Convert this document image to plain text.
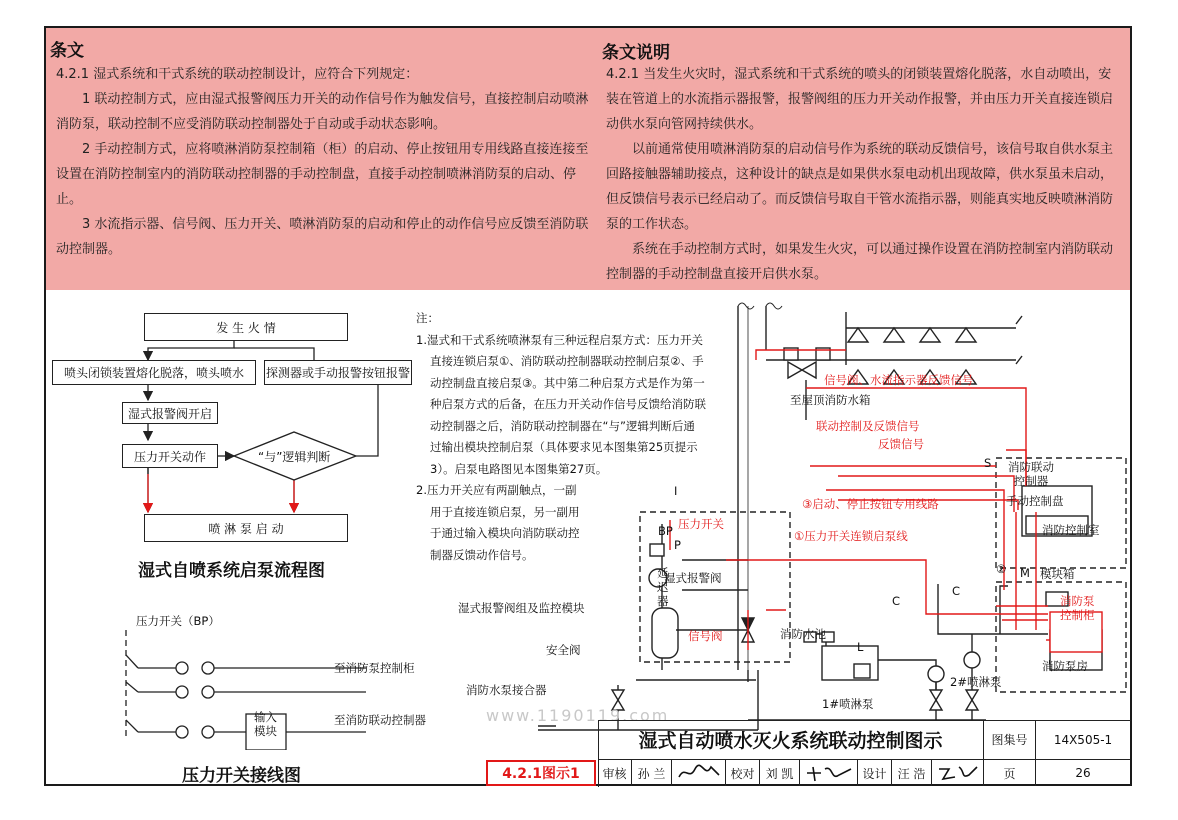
条文

4.2.1 湿式系统和干式系统的联动控制设计，应符合下列规定：

1 联动控制方式，应由湿式报警阀压力开关的动作信号作为触发信号，直接控制启动喷淋消防泵，联动控制不应受消防联动控制器处于自动或手动状态影响。

2 手动控制方式，应将喷淋消防泵控制箱（柜）的启动、停止按钮用专用线路直接连接至设置在消防控制室内的消防联动控制器的手动控制盘，直接手动控制喷淋消防泵的启动、停止。

3 水流指示器、信号阀、压力开关、喷淋消防泵的启动和停止的动作信号应反馈至消防联动控制器。

条文说明

4.2.1 当发生火灾时，湿式系统和干式系统的喷头的闭锁装置熔化脱落，水自动喷出，安装在管道上的水流指示器报警，报警阀组的压力开关动作报警，并由压力开关直接连锁启动供水泵向管网持续供水。

以前通常使用喷淋消防泵的启动信号作为系统的联动反馈信号，该信号取自供水泵主回路接触器辅助接点，这种设计的缺点是如果供水泵电动机出现故障，供水泵虽未启动，但反馈信号表示已经启动了。而反馈信号取自干管水流指示器，则能真实地反映喷淋消防泵的工作状态。

系统在手动控制方式时，如果发生火灾，可以通过操作设置在消防控制室内消防联动控制器的手动控制盘直接开启供水泵。

发 生 火 情
喷头闭锁装置熔化脱落，喷头喷水	探测器或手动报警按钮报警
湿式报警阀开启
压力开关动作	“与”逻辑判断
喷 淋 泵 启 动
湿式自喷系统启泵流程图
压力开关（BP）
至消防泵控制柜
输入
模块
至消防联动控制器
压力开关接线图

注：

1.湿式和干式系统喷淋泵有三种远程启泵方式：压力开关

直接连锁启泵①、消防联动控制器联动控制启泵②、手

动控制盘直接启泵③。其中第二种启泵方式是作为第一

种启泵方式的后备，在压力开关动作信号反馈给消防联

动控制器之后，消防联动控制器在“与”逻辑判断后通

过输出模块控制启泵（具体要求见本图集第25页提示

3）。启泵电路图见本图集第27页。

2.压力开关应有两副触点，一副

用于直接连锁启泵，另一副用

于通过输入模块向消防联动控

制器反馈动作信号。

信号阀、水流指示器反馈信号
至屋顶消防水箱
联动控制及反馈信号
反馈信号
③启动、停止按钮专用线路
①压力开关连锁启泵线
压力开关
BP
P
延
迟
器
湿式报警阀
信号阀
湿式报警阀组及监控模块
安全阀
消防水泵接合器
消防水池
1#喷淋泵
2#喷淋泵
消防联动
控制器
手动控制盘
消防控制室
模块箱
消防泵
控制柜
消防泵房
S
C
C
② M
I
L
www.1190119.com
4.2.1图示1
湿式自动喷水灭火系统联动控制图示	图集号	14X505-1
审核 孙 兰	校对 刘 凯	设计 汪 浩	页	26
